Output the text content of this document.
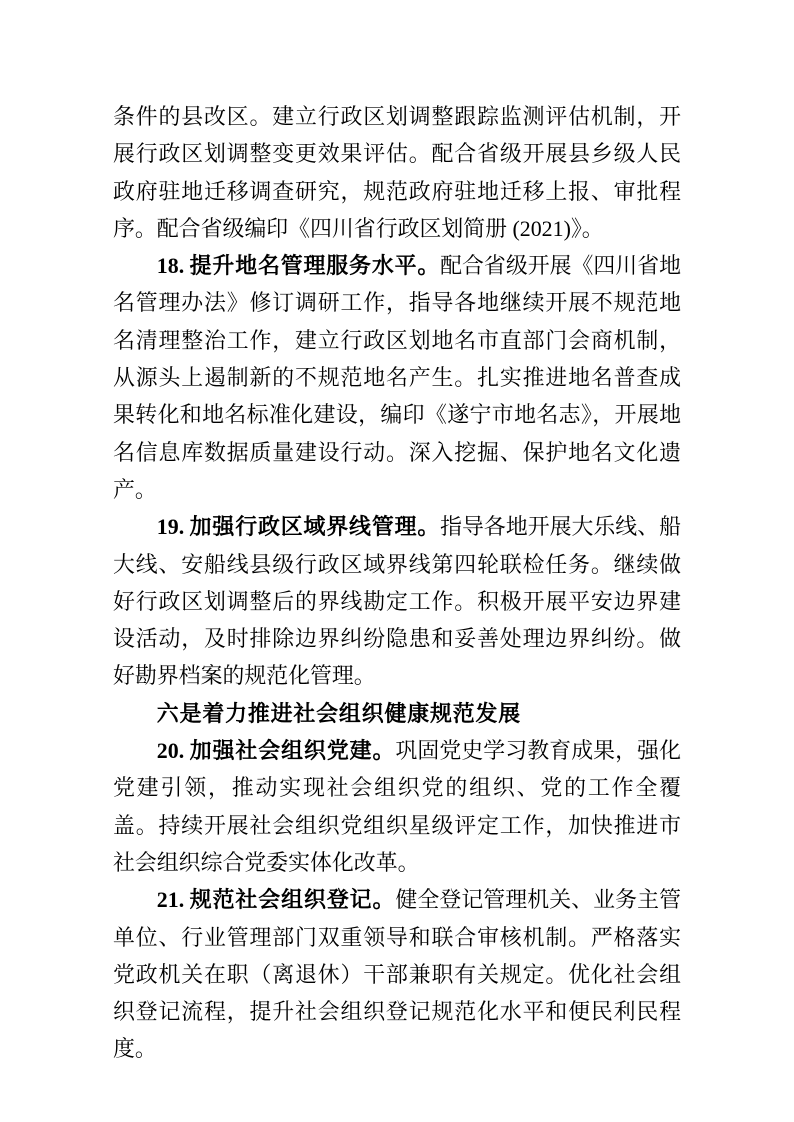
条件的县改区。建立行政区划调整跟踪监测评估机制，开展行政区划调整变更效果评估。配合省级开展县乡级人民政府驻地迁移调查研究，规范政府驻地迁移上报、审批程序。配合省级编印《四川省行政区划简册 (2021)》。

18. 提升地名管理服务水平。配合省级开展《四川省地名管理办法》修订调研工作，指导各地继续开展不规范地名清理整治工作，建立行政区划地名市直部门会商机制，从源头上遏制新的不规范地名产生。扎实推进地名普查成果转化和地名标准化建设，编印《遂宁市地名志》，开展地名信息库数据质量建设行动。深入挖掘、保护地名文化遗产。

19. 加强行政区域界线管理。指导各地开展大乐线、船大线、安船线县级行政区域界线第四轮联检任务。继续做好行政区划调整后的界线勘定工作。积极开展平安边界建设活动，及时排除边界纠纷隐患和妥善处理边界纠纷。做好勘界档案的规范化管理。

六是着力推进社会组织健康规范发展

20. 加强社会组织党建。巩固党史学习教育成果，强化党建引领，推动实现社会组织党的组织、党的工作全覆盖。持续开展社会组织党组织星级评定工作，加快推进市社会组织综合党委实体化改革。

21. 规范社会组织登记。健全登记管理机关、业务主管单位、行业管理部门双重领导和联合审核机制。严格落实党政机关在职（离退休）干部兼职有关规定。优化社会组织登记流程，提升社会组织登记规范化水平和便民利民程度。
